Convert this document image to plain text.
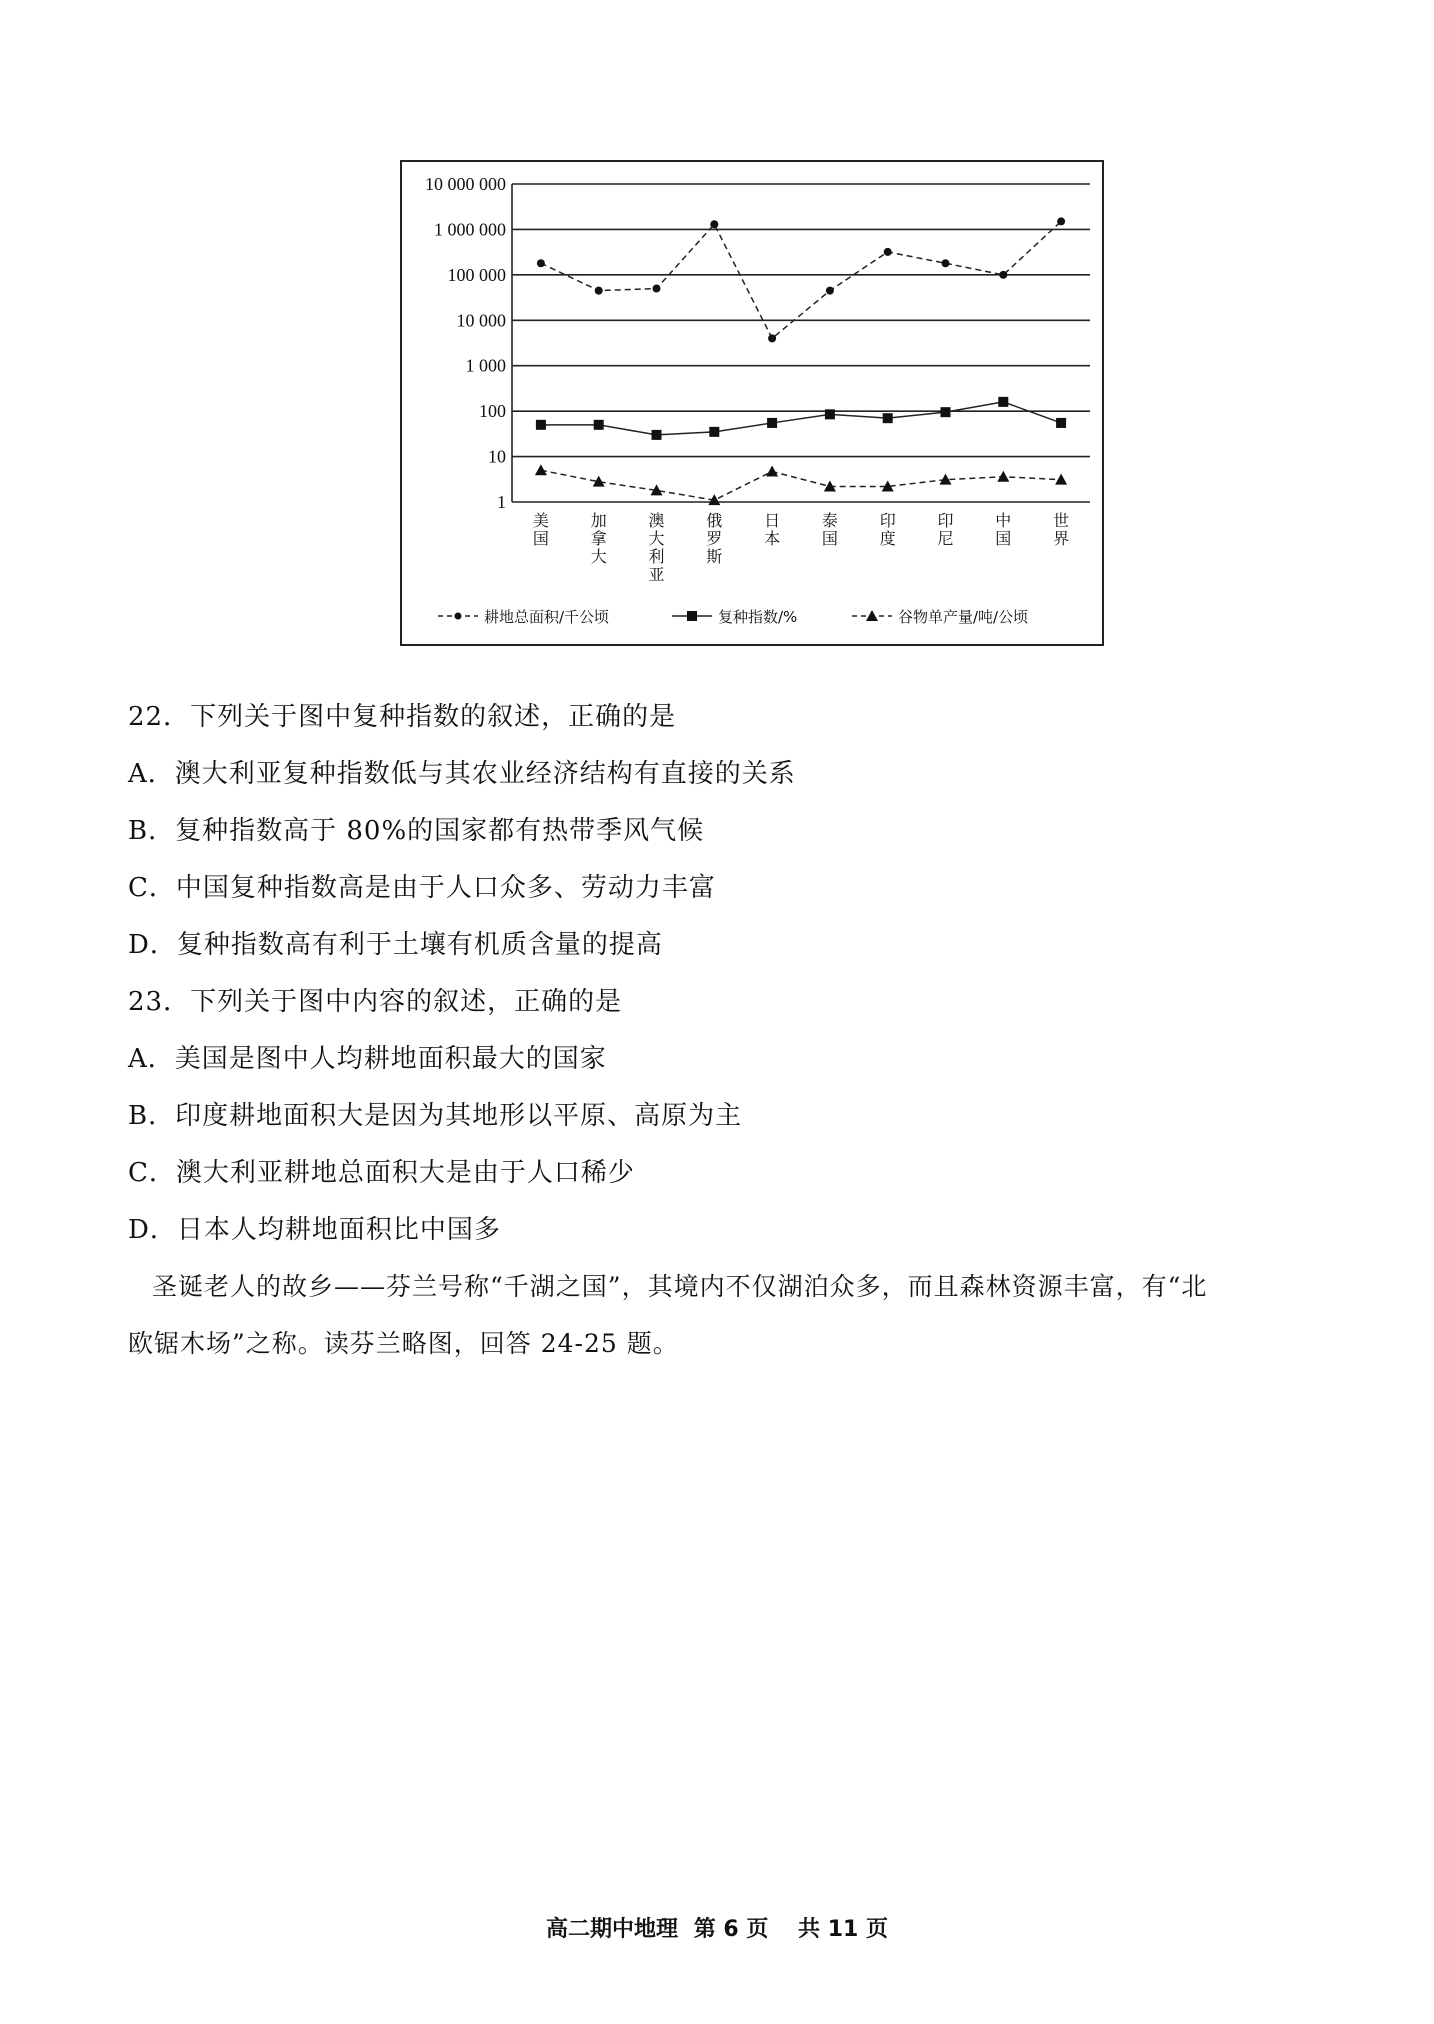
10 000 000
1 000 000
100 000
10 000
1 000
100
10
1
美国
加拿大
澳大利亚
俄罗斯
日本
泰国
印度
印尼
中国
世界
耕地总面积/千公顷	复种指数/%	谷物单产量/吨/公顷
22．下列关于图中复种指数的叙述，正确的是
A．澳大利亚复种指数低与其农业经济结构有直接的关系
B．复种指数高于 80%的国家都有热带季风气候
C．中国复种指数高是由于人口众多、劳动力丰富
D．复种指数高有利于土壤有机质含量的提高
23．下列关于图中内容的叙述，正确的是
A．美国是图中人均耕地面积最大的国家
B．印度耕地面积大是因为其地形以平原、高原为主
C．澳大利亚耕地总面积大是由于人口稀少
D．日本人均耕地面积比中国多
圣诞老人的故乡——芬兰号称“千湖之国”，其境内不仅湖泊众多，而且森林资源丰富，有“北
欧锯木场”之称。读芬兰略图，回答 24-25 题。
高二期中地理 第 6 页 共 11 页
